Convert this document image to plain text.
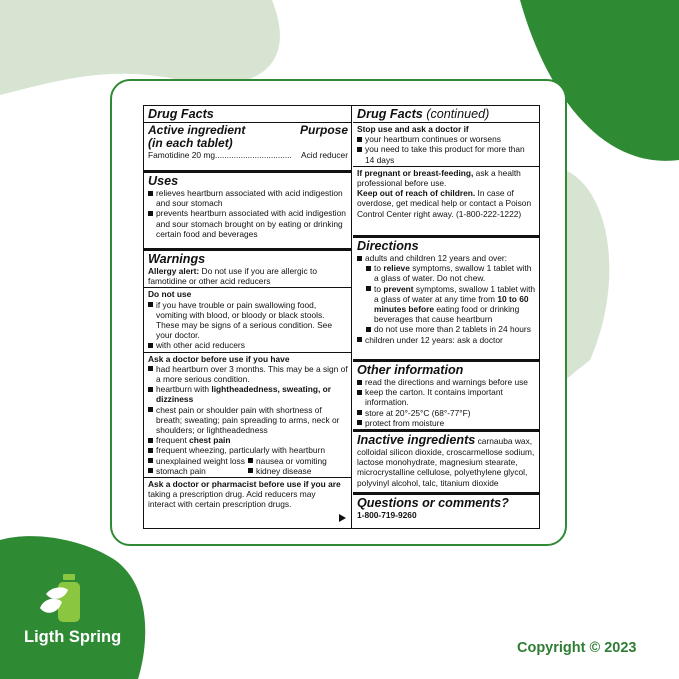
Drug Facts
Active ingredient	Purpose
(in each tablet)
Famotidine 20 mg................................. Acid reducer
Uses
relieves heartburn associated with acid indigestion and sour stomach
prevents heartburn associated with acid indigestion and sour stomach brought on by eating or drinking certain food and beverages
Warnings
Allergy alert: Do not use if you are allergic to famotidine or other acid reducers
Do not use
if you have trouble or pain swallowing food, vomiting with blood, or bloody or black stools. These may be signs of a serious condition. See your doctor.
with other acid reducers
Ask a doctor before use if you have
had heartburn over 3 months. This may be a sign of a more serious condition.
heartburn with lightheadedness, sweating, or dizziness
chest pain or shoulder pain with shortness of breath; sweating; pain spreading to arms, neck or shoulders; or lightheadedness
frequent chest pain
frequent wheezing, particularly with heartburn
unexplained weight loss	nausea or vomiting
stomach pain	kidney disease
Ask a doctor or pharmacist before use if you are
taking a prescription drug. Acid reducers may interact with certain prescription drugs.
Drug Facts (continued)
Stop use and ask a doctor if
your heartburn continues or worsens
you need to take this product for more than 14 days
If pregnant or breast-feeding, ask a health professional before use.
Keep out of reach of children. In case of overdose, get medical help or contact a Poison Control Center right away. (1-800-222-1222)
Directions
adults and children 12 years and over:
to relieve symptoms, swallow 1 tablet with a glass of water. Do not chew.
to prevent symptoms, swallow 1 tablet with a glass of water at any time from 10 to 60 minutes before eating food or drinking beverages that cause heartburn
do not use more than 2 tablets in 24 hours
children under 12 years: ask a doctor
Other information
read the directions and warnings before use
keep the carton. It contains important information.
store at 20°-25°C (68°-77°F)
protect from moisture
Inactive ingredients carnauba wax, colloidal silicon dioxide, croscarmellose sodium, lactose monohydrate, magnesium stearate, microcrystalline cellulose, polyethylene glycol, polyvinyl alcohol, talc, titanium dioxide
Questions or comments?
1-800-719-9260
Ligth Spring
Copyright © 2023
